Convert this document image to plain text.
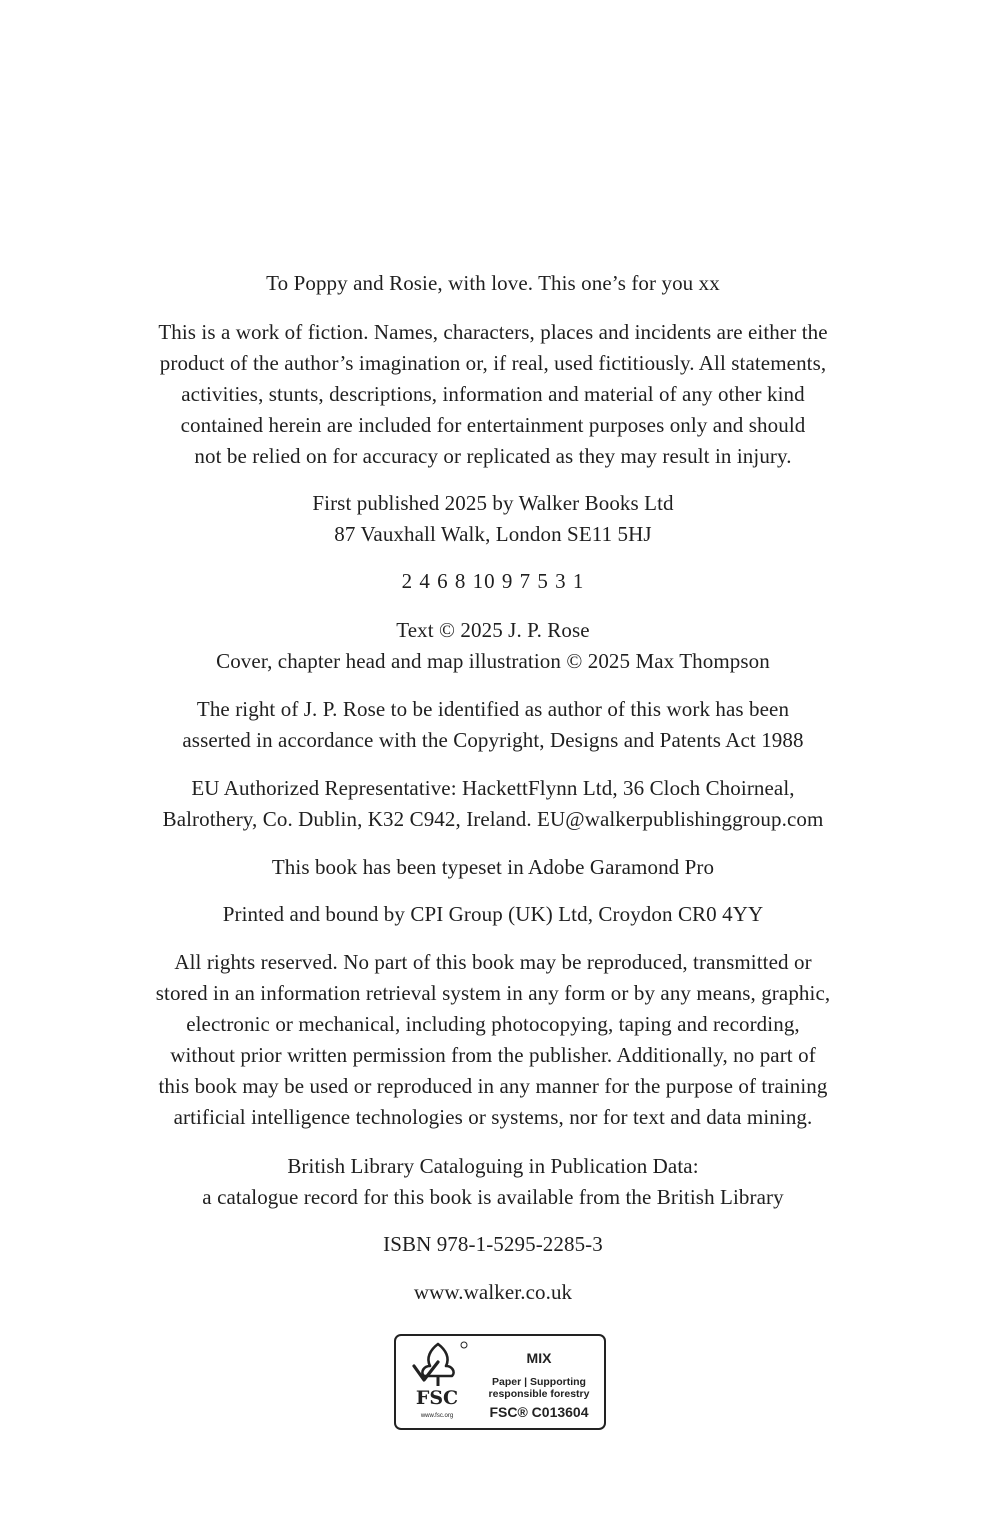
To Poppy and Rosie, with love. This one’s for you xx
This is a work of fiction. Names, characters, places and incidents are either the
product of the author’s imagination or, if real, used fictitiously. All statements,
activities, stunts, descriptions, information and material of any other kind
contained herein are included for entertainment purposes only and should
not be relied on for accuracy or replicated as they may result in injury.
First published 2025 by Walker Books Ltd
87 Vauxhall Walk, London SE11 5HJ
2 4 6 8 10 9 7 5 3 1
Text © 2025 J. P. Rose
Cover, chapter head and map illustration © 2025 Max Thompson
The right of J. P. Rose to be identified as author of this work has been
asserted in accordance with the Copyright, Designs and Patents Act 1988
EU Authorized Representative: HackettFlynn Ltd, 36 Cloch Choirneal,
Balrothery, Co. Dublin, K32 C942, Ireland. EU@walkerpublishinggroup.com
This book has been typeset in Adobe Garamond Pro
Printed and bound by CPI Group (UK) Ltd, Croydon CR0 4YY
All rights reserved. No part of this book may be reproduced, transmitted or
stored in an information retrieval system in any form or by any means, graphic,
electronic or mechanical, including photocopying, taping and recording,
without prior written permission from the publisher. Additionally, no part of
this book may be used or reproduced in any manner for the purpose of training
artificial intelligence technologies or systems, nor for text and data mining.
British Library Cataloguing in Publication Data:
a catalogue record for this book is available from the British Library
ISBN 978-1-5295-2285-3
www.walker.co.uk
FSC
www.fsc.org
MIX
Paper | Supporting
responsible forestry
FSC® C013604
